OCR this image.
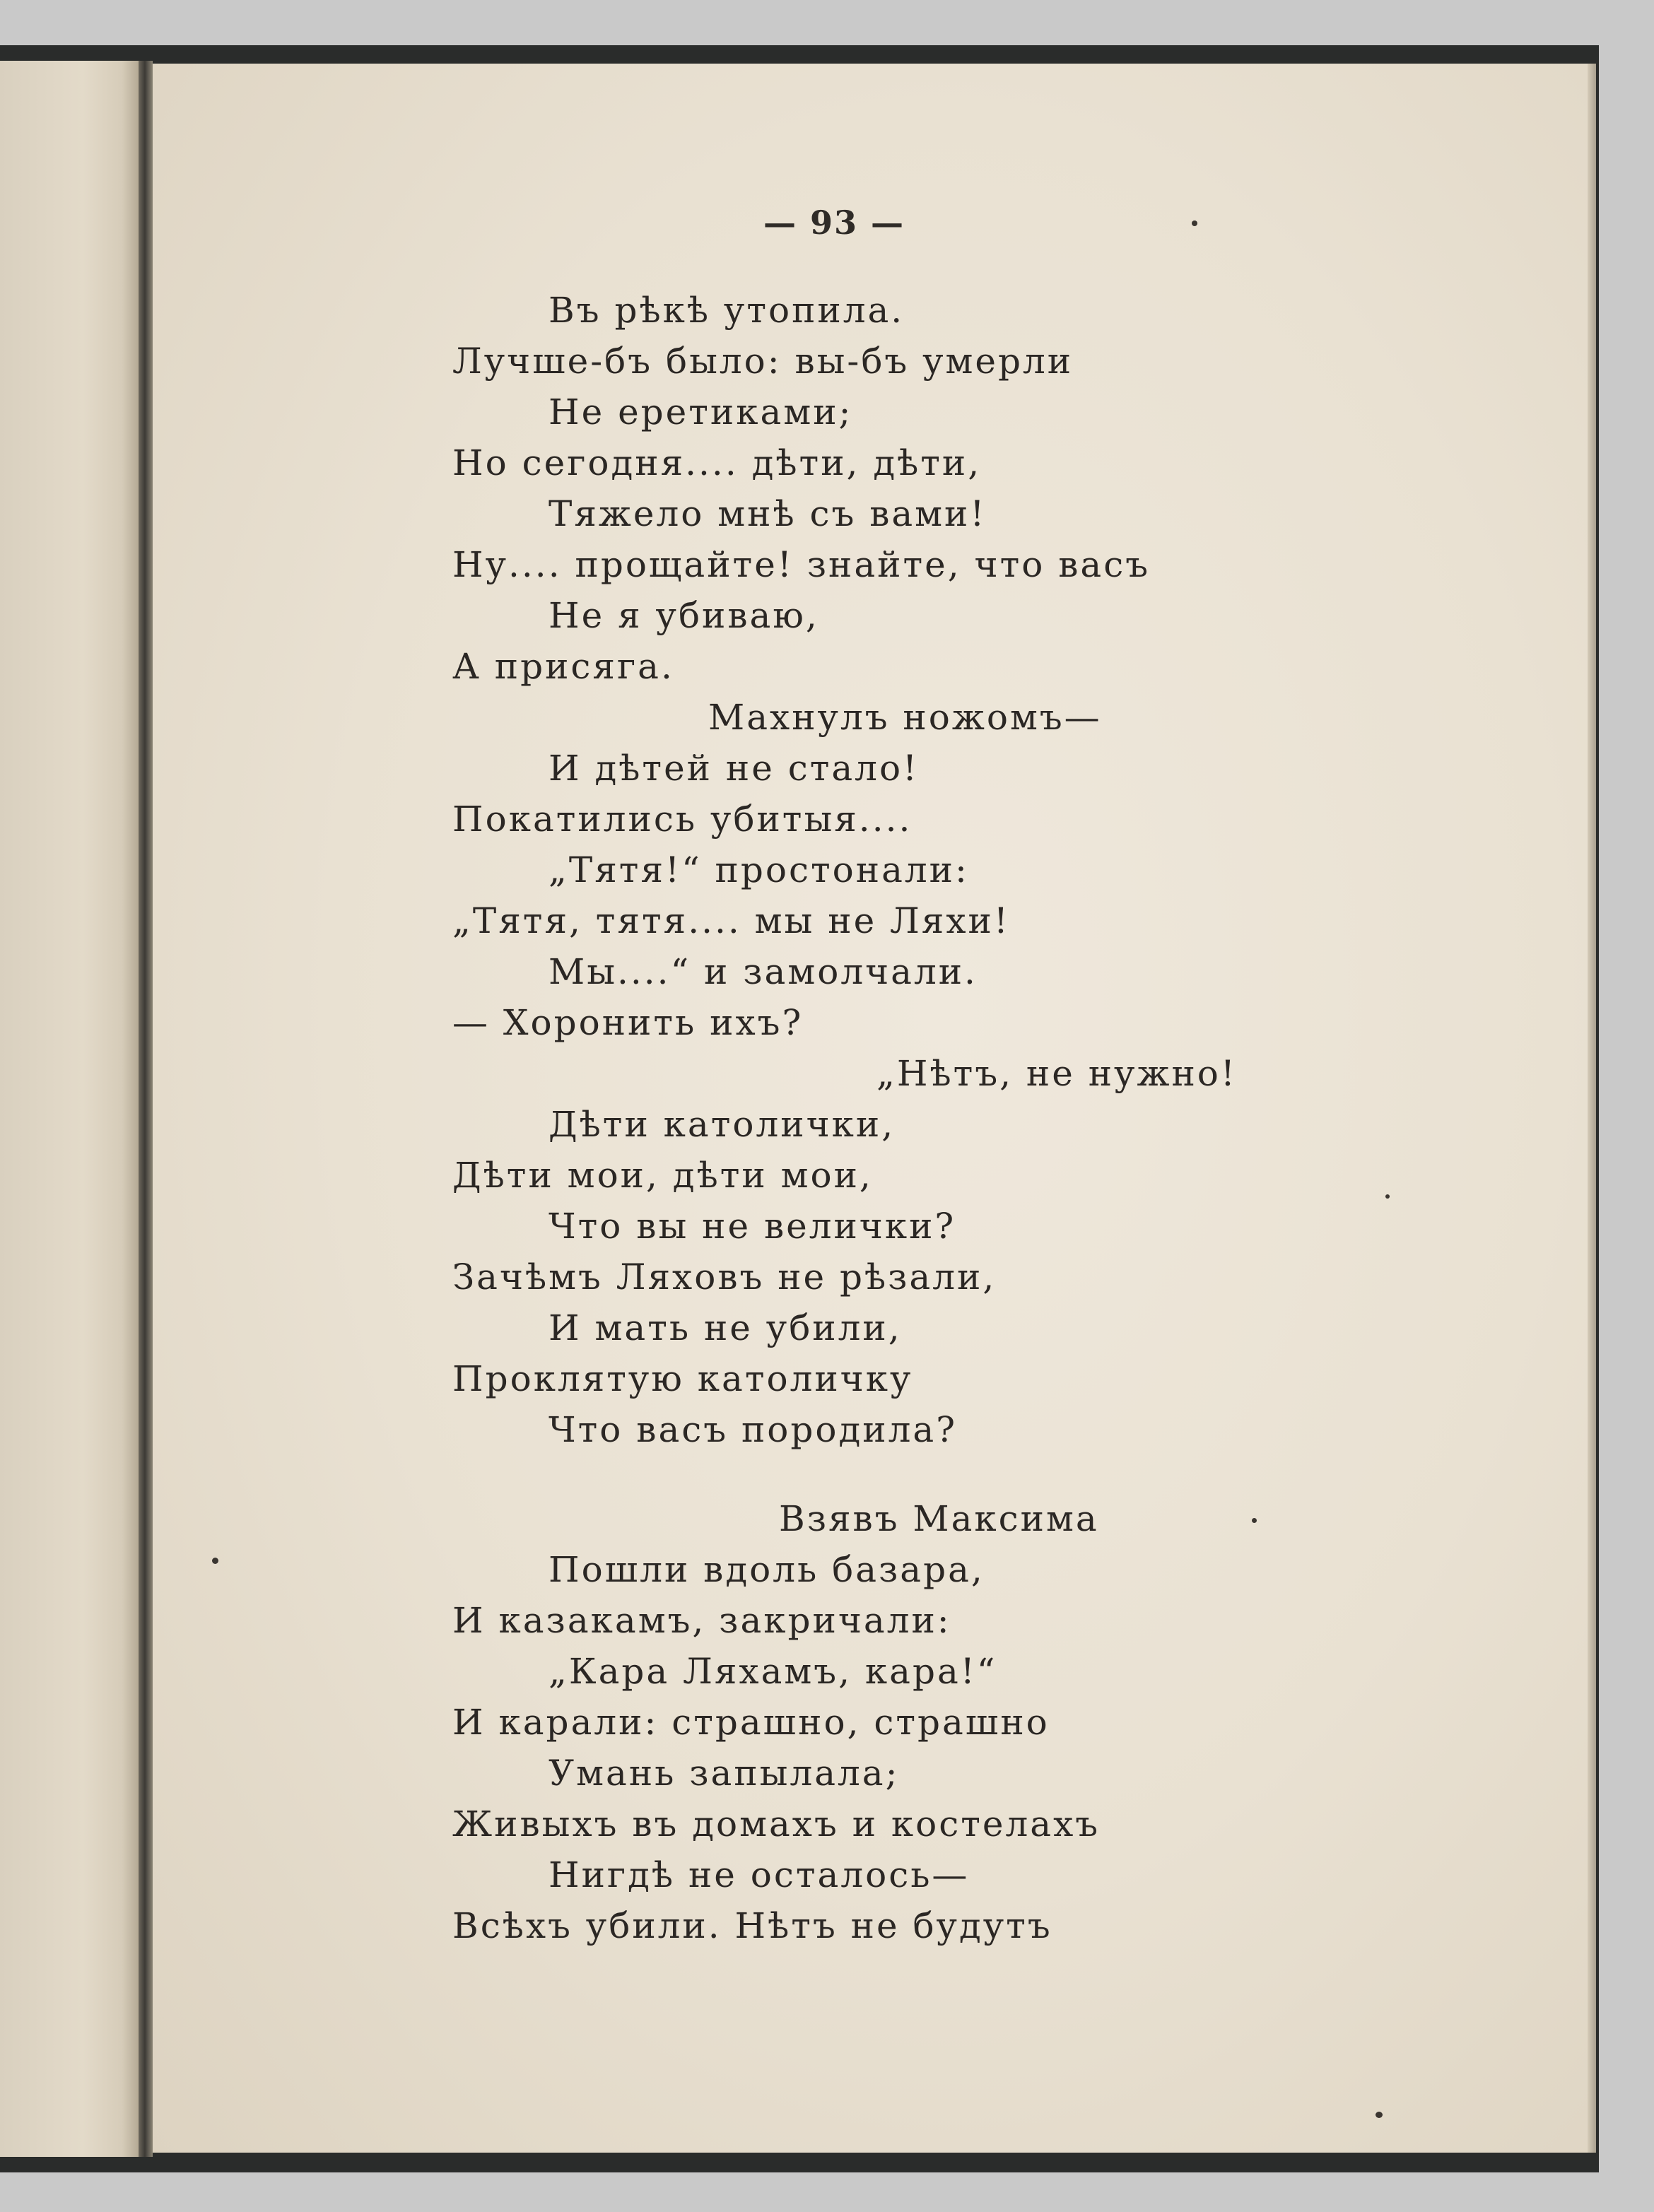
— 93 —
Въ рѣкѣ утопила.
Лучше-бъ было: вы-бъ умерли
Не еретиками;
Но сегодня.... дѣти, дѣти,
Тяжело мнѣ съ вами!
Ну.... прощайте! знайте, что васъ
Не я убиваю,
А присяга.
Махнулъ ножомъ—
И дѣтей не стало!
Покатились убитыя....
„Тятя!“ простонали:
„Тятя, тятя.... мы не Ляхи!
Мы....“ и замолчали.
— Хоронить ихъ?
„Нѣтъ, не нужно!
Дѣти католички,
Дѣти мои, дѣти мои,
Что вы не велички?
Зачѣмъ Ляховъ не рѣзали,
И мать не убили,
Проклятую католичку
Что васъ породила?
Взявъ Максима
Пошли вдоль базара,
И казакамъ, закричали:
„Кара Ляхамъ, кара!“
И карали: страшно, страшно
Умань запылала;
Живыхъ въ домахъ и костелахъ
Нигдѣ не осталось—
Всѣхъ убили. Нѣтъ не будутъ
